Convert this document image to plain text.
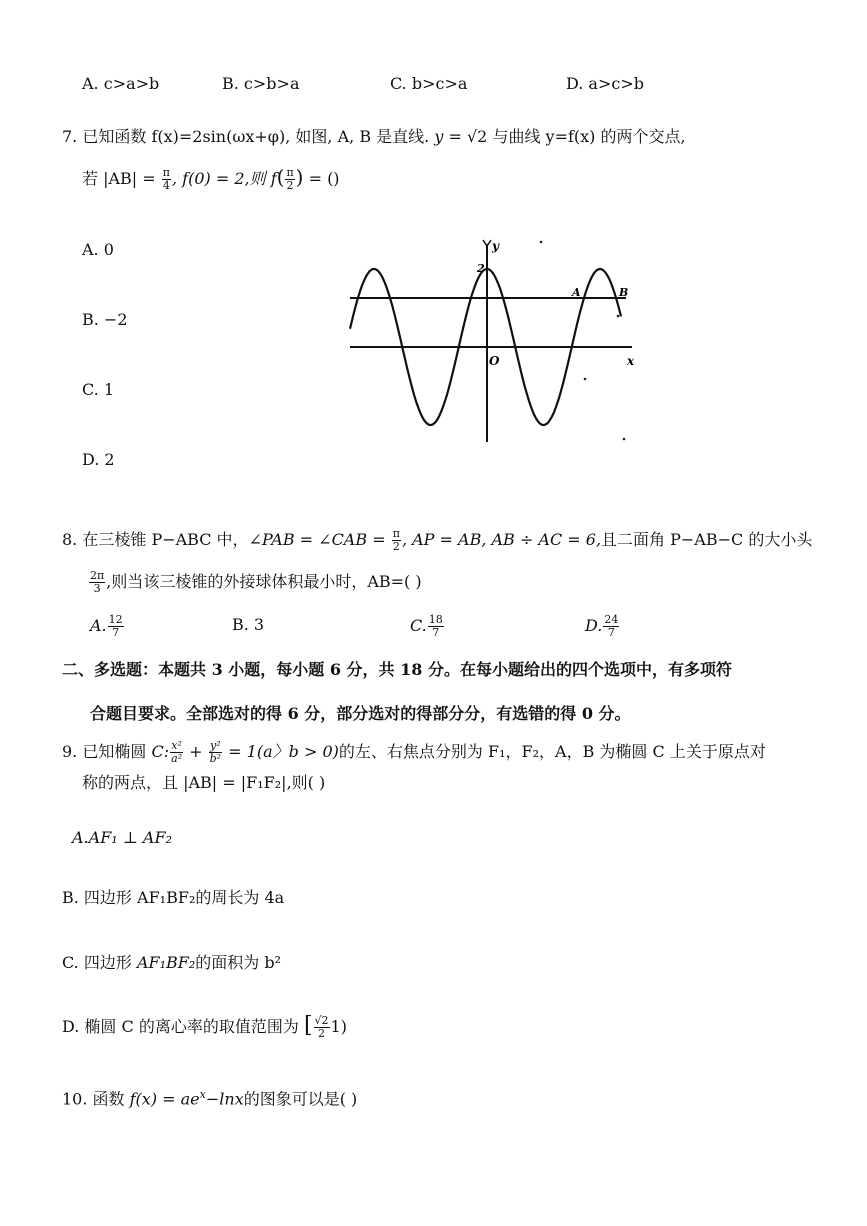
A. c>a>b	B. c>b>a	C. b>c>a	D. a>c>b
7. 已知函数 f(x)=2sin(ωx+φ), 如图, A, B 是直线. y = √2 与曲线 y=f(x) 的两个交点,
若 $|AB| = \frac{\pi}{4}$ , f(0) = 2,则 $f( \frac{\pi}{2}$ ) = ()
A. 0
B. −2
C. 1
D. 2
y
2
A	B
O	x
8. 在三棱锥 P−ABC 中，∠PAB = ∠CAB = $\frac{\pi}{2}$ , AP = AB, AB ÷ AC = 6,且二面角 P−AB−C 的大小头
$\frac{2\pi}{3}$ ,则当该三棱锥的外接球体积最小时，AB=( )
A. $\frac{12}{7}$	B. 3	C. $\frac{18}{7}$	D. $\frac{24}{7}$
二、多选题：本题共 3 小题，每小题 6 分，共 18 分。在每小题给出的四个选项中，有多项符
合题目要求。全部选对的得 6 分，部分选对的得部分分，有选错的得 0 分。
9. 已知椭圆 C: $\frac{\text{x²}}{\text{a²}} + \frac{\text{y²}}{\text{b²}} = 1(a$〉b > 0)的左、右焦点分别为 F₁，F₂，A，B 为椭圆 C 上关于原点对
称的两点，且 |AB| = |F₁F₂|,则( )
A.AF₁ ⊥ AF₂
B. 四边形 AF₁BF₂的周长为 4a
C. 四边形 AF₁BF₂的面积为 b²
D. 椭圆 C 的离心率的取值范围为 [ $\frac{√2}{2} 1$)
10. 函数 $f(x) = ae^x-\ln x$的图象可以是( )
